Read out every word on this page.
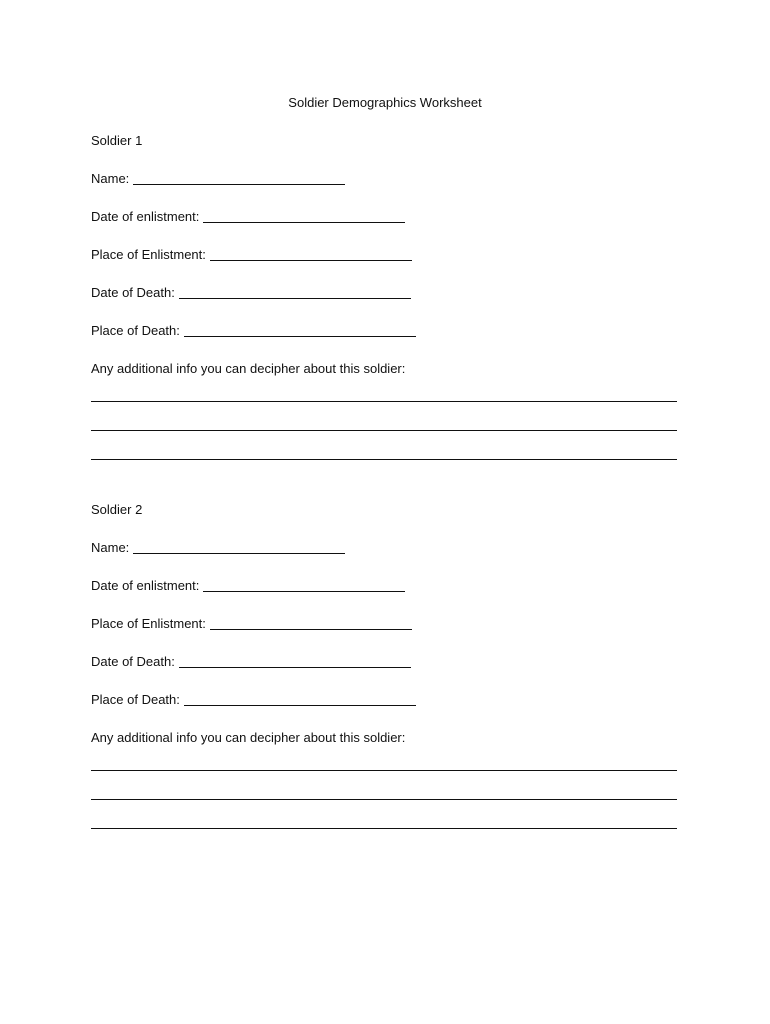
Soldier Demographics Worksheet
Soldier 1
Name:
Date of enlistment:
Place of Enlistment:
Date of Death:
Place of Death:
Any additional info you can decipher about this soldier:
Soldier 2
Name:
Date of enlistment:
Place of Enlistment:
Date of Death:
Place of Death:
Any additional info you can decipher about this soldier:
